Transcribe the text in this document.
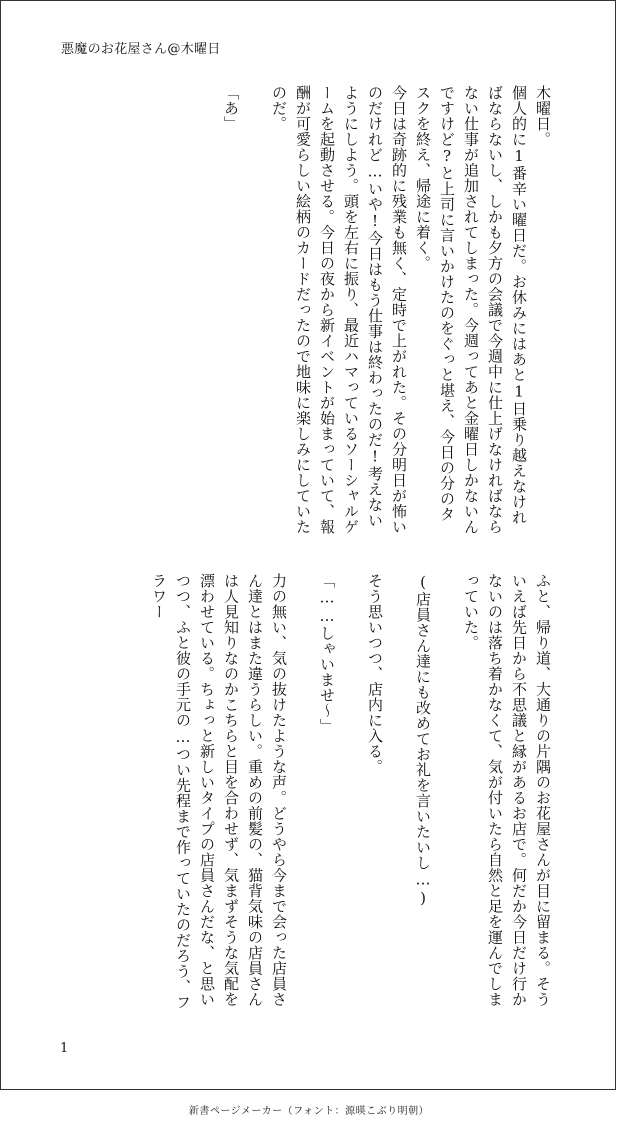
悪魔のお花屋さん@木曜日

木曜日。
個人的に1番辛い曜日だ。お休みにはあと1日乗り越えなければならないし、しかも夕方の会議で今週中に仕上げなければならない仕事が追加されてしまった。今週ってあと金曜日しかないんですけど?と上司に言いかけたのをぐっと堪え、今日の分のタスクを終え、帰途に着く。
今日は奇跡的に残業も無く、定時で上がれた。その分明日が怖いのだけれど…いや!今日はもう仕事は終わったのだ!考えないようにしよう。頭を左右に振り、最近ハマっているソーシャルゲームを起動させる。今日の夜から新イベントが始まっていて、報酬が可愛らしい絵柄のカードだったので地味に楽しみにしていたのだ。

「あ」

ふと、帰り道、大通りの片隅のお花屋さんが目に留まる。そういえば先日から不思議と縁があるお店で。何だか今日だけ行かないのは落ち着かなくて、気が付いたら自然と足を運んでしまっていた。

(店員さん達にも改めてお礼を言いたいし…)

そう思いつつ、店内に入る。

「……しゃいませ〜」

力の無い、気の抜けたような声。どうやら今まで会った店員さん達とはまた違うらしい。重めの前髪の、猫背気味の店員さんは人見知りなのかこちらと目を合わせず、気まずそうな気配を漂わせている。ちょっと新しいタイプの店員さんだな、と思いつつ、ふと彼の手元の…つい先程まで作っていたのだろう、フラワー

1
新書ページメーカー（フォント：源暎こぶり明朝）
